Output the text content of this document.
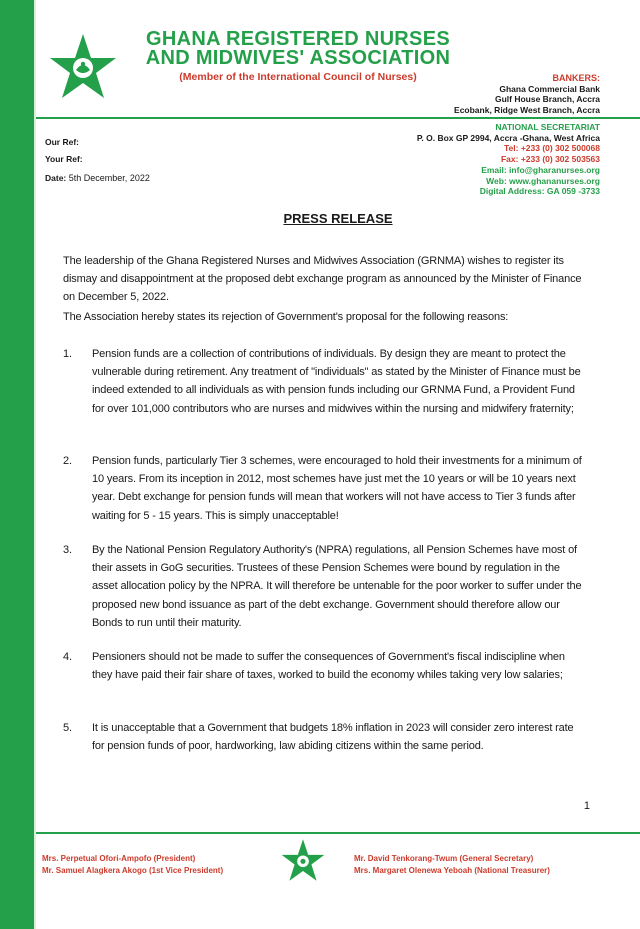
GHANA REGISTERED NURSES
AND MIDWIVES' ASSOCIATION
(Member of the International Council of Nurses)	BANKERS:
Ghana Commercial Bank
Gulf House Branch, Accra
Ecobank, Ridge West Branch, Accra
NATIONAL SECRETARIAT
P. O. Box GP 2994, Accra -Ghana, West Africa
Tel: +233 (0) 302 500068
Fax: +233 (0) 302 503563
Email: info@gharanurses.org
Web: www.ghananurses.org
Digital Address: GA 059 -3733
Our Ref:
Your Ref:
Date: 5th December, 2022
PRESS RELEASE
The leadership of the Ghana Registered Nurses and Midwives Association (GRNMA) wishes to register its dismay and disappointment at the proposed debt exchange program as announced by the Minister of Finance on December 5, 2022.
The Association hereby states its rejection of Government's proposal for the following reasons:
1.	Pension funds are a collection of contributions of individuals. By design they are meant to protect the vulnerable during retirement. Any treatment of "individuals" as stated by the Minister of Finance must be indeed extended to all individuals as with pension funds including our GRNMA Fund, a Provident Fund for over 101,000 contributors who are nurses and midwives within the nursing and midwifery fraternity;
2.	Pension funds, particularly Tier 3 schemes, were encouraged to hold their investments for a minimum of 10 years. From its inception in 2012, most schemes have just met the 10 years or will be 10 years next year. Debt exchange for pension funds will mean that workers will not have access to Tier 3 funds after waiting for 5 - 15 years. This is simply unacceptable!
3.	By the National Pension Regulatory Authority's (NPRA) regulations, all Pension Schemes have most of their assets in GoG securities. Trustees of these Pension Schemes were bound by regulation in the asset allocation policy by the NPRA. It will therefore be untenable for the poor worker to suffer under the proposed new bond issuance as part of the debt exchange. Government should therefore allow our Bonds to run until their maturity.
4.	Pensioners should not be made to suffer the consequences of Government's fiscal indiscipline when they have paid their fair share of taxes, worked to build the economy whiles taking very low salaries;
5.	It is unacceptable that a Government that budgets 18% inflation in 2023 will consider zero interest rate for pension funds of poor, hardworking, law abiding citizens within the same period.
1
Mrs. Perpetual Ofori-Ampofo (President)
Mr. Samuel Alagkera Akogo (1st Vice President)
Mr. David Tenkorang-Twum (General Secretary)
Mrs. Margaret Olenewa Yeboah (National Treasurer)
